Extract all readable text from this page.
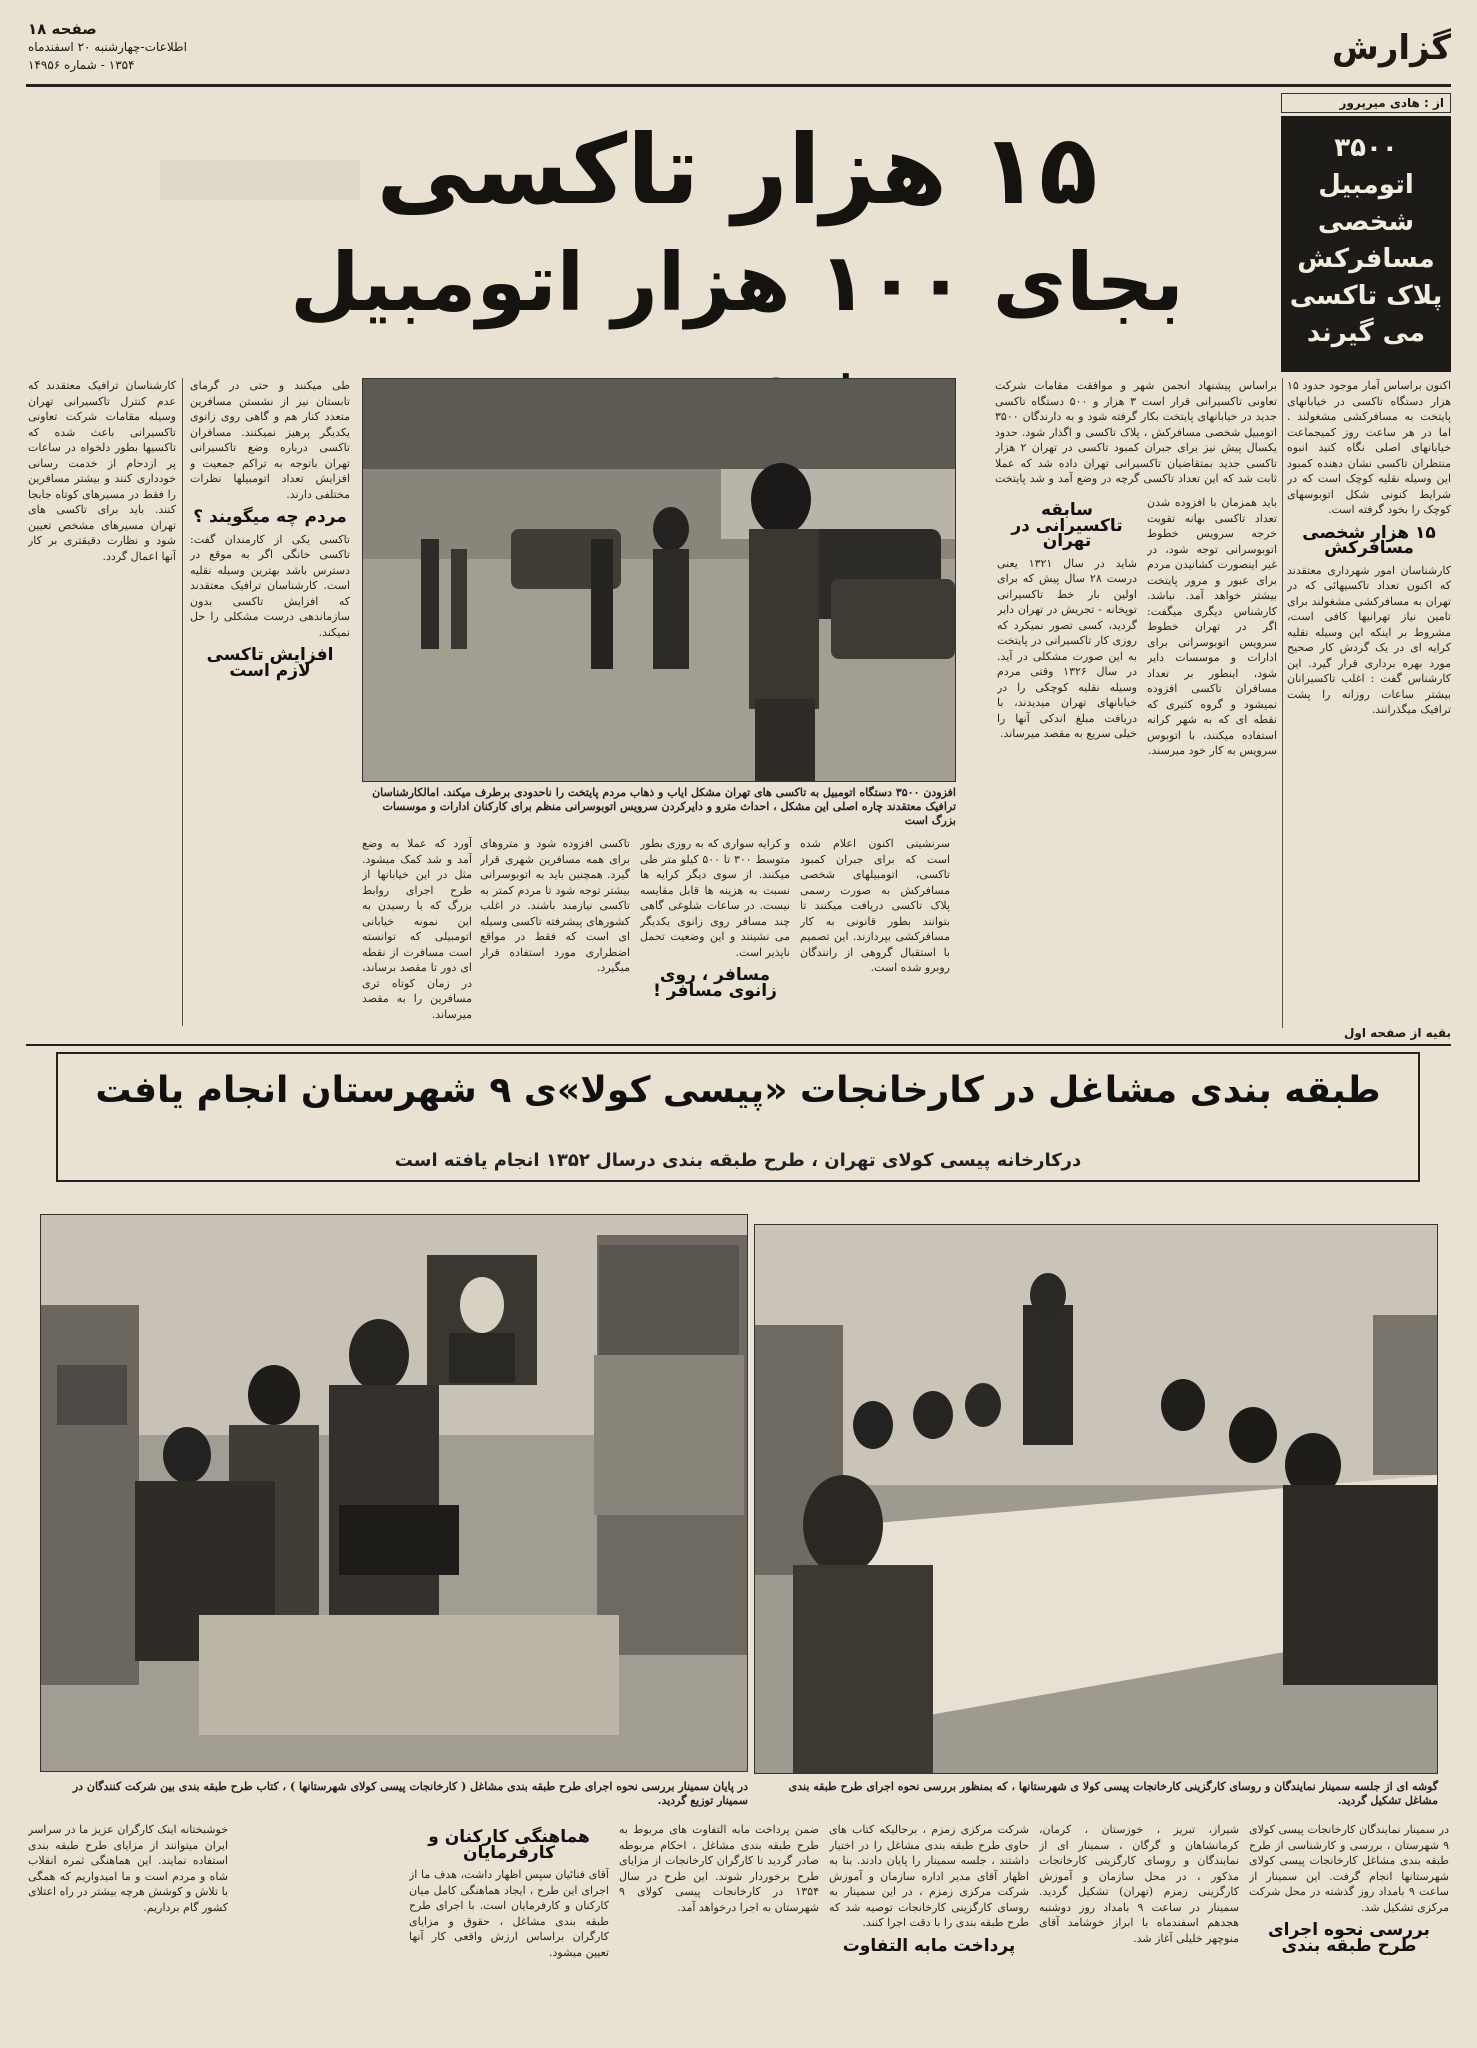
گزارش
صفحه ۱۸
اطلاعات-چهارشنبه ۲۰ اسفندماه
۱۳۵۴ - شماره ۱۴۹۵۶
از : هادی میرپرور
۳۵۰۰
اتومبیل
شخصی
مسافرکش
پلاک تاکسی
می گیرند
۱۵ هزار تاکسی
بجای ۱۰۰ هزار اتومبیل

براساس پیشنهاد انجمن شهر و موافقت مقامات شرکت تعاونی تاکسیرانی قرار است ۳ هزار و ۵۰۰ دستگاه تاکسی جدید در خیابانهای پایتخت بکار گرفته شود و به دارندگان ۳۵۰۰ اتومبیل شخصی مسافرکش ، پلاک تاکسی و اگذار شود. حدود یکسال پیش نیز برای جبران کمبود تاکسی در تهران ۲ هزار تاکسی جدید بمتقاضیان تاکسیرانی تهران داده شد که عملا ثابت شد که این تعداد تاکسی گرچه در وضع آمد و شد پایتخت

اکنون براساس آمار موجود حدود ۱۵ هزار دستگاه تاکسی در خیابانهای پایتخت به مسافرکشی مشغولند . اما در هر ساعت روز کمیجماعت خیابانهای اصلی نگاه کنید انبوه منتظران تاکسی نشان دهنده کمبود این وسیله نقلیه کوچک است که در شرایط کنونی شکل اتوبوسهای کوچک را بخود گرفته است.

۱۵ هزار شخصی مسافرکش

کارشناسان امور شهرداری معتقدند که اکنون تعداد تاکسیهائی که در تهران به مسافرکشی مشغولند برای تامین نیاز تهرانیها کافی است، مشروط بر اینکه این وسیله نقلیه کرایه ای در یک گردش کار صحیح مورد بهره برداری قرار گیرد. این کارشناس گفت : اغلب تاکسیرانان بیشتر ساعات روزانه را پشت ترافیک میگذرانند.

باید همزمان با افزوده شدن تعداد تاکسی بهانه تقویت خرجه سرویس خطوط اتوبوسرانی توجه شود، در غیر اینصورت کشانیدن مردم برای عبور و مرور پایتخت بیشتر خواهد آمد. نباشد. کارشناس دیگری میگفت: اگر در تهران خطوط سرویس اتوبوسرانی برای ادارات و موسسات دایر شود، اینطور بر تعداد مسافران تاکسی افزوده نمیشود و گروه کثیری که نقطه ای که به شهر کرانه استفاده میکنند، با اتوبوس سرویس به کار خود میرسند.

سابقه تاکسیرانی در تهران

شاید در سال ۱۳۲۱ یعنی درست ۲۸ سال پیش که برای اولین بار خط تاکسیرانی توپخانه - تجریش در تهران دایر گردید، کسی تصور نمیکرد که روزی کار تاکسیرانی در پایتخت به این صورت مشکلی در آید. در سال ۱۳۲۶ وقتی مردم وسیله نقلیه کوچکی را در خیابانهای تهران میدیدند، با دریافت مبلغ اندکی آنها را خیلی سریع به مقصد میرساند.

افزودن ۳۵۰۰ دستگاه اتومبیل به تاکسی های تهران مشکل ایاب و ذهاب مردم پایتخت را ناحدودی برطرف میکند. امالکارشناسان ترافیک معتقدند چاره اصلی این مشکل ، احداث مترو و دایرکردن سرویس اتوبوسرانی منظم برای کارکنان ادارات و موسسات بزرگ است

آورد که عملا به وضع آمد و شد کمک میشود. مثل در این خیابانها از طرح اجرای روابط بزرگ که با رسیدن به این نمونه خیابانی اتومبیلی که توانسته است مسافرت از نقطه ای دور تا مقصد برساند، در زمان کوتاه تری مسافرین را به مقصد میرساند.

تاکسی افزوده شود و متروهای برای همه مسافرین شهری قرار گیرد. همچنین باید به اتوبوسرانی بیشتر توجه شود تا مردم کمتر به تاکسی نیازمند باشند. در اغلب کشورهای پیشرفته تاکسی وسیله ای است که فقط در مواقع اضطراری مورد استفاده قرار میگیرد.

و کرایه سواری که به روزی بطور متوسط ۳۰۰ تا ۵۰۰ کیلو متر طی میکنند. از سوی دیگر کرایه ها نسبت به هزینه ها قابل مقایسه نیست. در ساعات شلوغی گاهی چند مسافر روی زانوی یکدیگر می نشینند و این وضعیت تحمل ناپذیر است.

مسافر ، روی زانوی مسافر !

سرنشینی اکنون اعلام شده است که برای جبران کمبود تاکسی، اتومبیلهای شخصی مسافرکش به صورت رسمی پلاک تاکسی دریافت میکنند تا بتوانند بطور قانونی به کار مسافرکشی بپردازند. این تصمیم با استقبال گروهی از رانندگان روبرو شده است.

طی میکنند و حتی در گرمای تابستان نیز از نشستن مسافرین متعدد کنار هم و گاهی روی زانوی یکدیگر پرهیز نمیکنند. مسافران تاکسی درباره وضع تاکسیرانی تهران باتوجه به تراکم جمعیت و افزایش تعداد اتومبیلها نظرات مختلفی دارند.

مردم چه میگویند ؟

تاکسی یکی از کارمندان گفت: تاکسی خانگی اگر به موقع در دسترس باشد بهترین وسیله نقلیه است. کارشناسان ترافیک معتقدند که افزایش تاکسی بدون سازماندهی درست مشکلی را حل نمیکند.

افزایش تاکسی لازم است

کارشناسان ترافیک معتقدند که عدم کنترل تاکسیرانی تهران وسیله مقامات شرکت تعاونی تاکسیرانی باعث شده که تاکسیها بطور دلخواه در ساعات پر ازدحام از خدمت رسانی خودداری کنند و بیشتر مسافرین را فقط در مسیرهای کوتاه جابجا کنند. باید برای تاکسی های تهران مسیرهای مشخص تعیین شود و نظارت دقیقتری بر کار آنها اعمال گردد.

بقیه از صفحه اول
طبقه بندی مشاغل در کارخانجات «پیسی کولا»ی ۹ شهرستان انجام یافت
درکارخانه پیسی کولای تهران ، طرح طبقه بندی درسال ۱۳۵۲ انجام یافته است
در پایان سمینار بررسی نحوه اجرای طرح طبقه بندی مشاغل ( کارخانجات پیسی کولای شهرستانها ) ، کتاب طرح طبقه بندی بین شرکت کنندگان در سمینار توزیع گردید.
گوشه ای از جلسه سمینار نمایندگان و روسای کارگزینی کارخانجات پیسی کولا ی شهرستانها ، که بمنظور بررسی نحوه اجرای طرح طبقه بندی مشاغل تشکیل گردید.

در سمینار نمایندگان کارخانجات پیسی کولای ۹ شهرستان ، بررسی و کارشناسی از طرح طبقه بندی مشاغل کارخانجات پیسی کولای شهرستانها انجام گرفت. این سمینار از ساعت ۹ بامداد روز گذشته در محل شرکت مرکزی تشکیل شد.

بررسی نحوه اجرای طرح طبقه بندی

شیراز، تبریز ، خوزستان ، کرمان، کرمانشاهان و گرگان ، سمینار ای از نمایندگان و روسای کارگزینی کارخانجات مذکور ، در محل سازمان و آموزش کارگزینی زمزم (تهران) تشکیل گردید. سمینار در ساعت ۹ بامداد روز دوشنبه هجدهم اسفندماه با ابراز خوشامد آقای منوچهر خلیلی آغاز شد.

شرکت مرکزی زمزم ، برحالیکه کتاب های حاوی طرح طبقه بندی مشاغل را در اختیار داشتند ، جلسه سمینار را پایان دادند. بنا به اظهار آقای مدیر اداره سازمان و آموزش شرکت مرکزی زمزم ، در این سمینار به روسای کارگزینی کارخانجات توصیه شد که طرح طبقه بندی را با دقت اجرا کنند.

پرداخت مابه التفاوت

ضمن پرداخت مابه التفاوت های مربوط به طرح طبقه بندی مشاغل ، احکام مربوطه صادر گردید تا کارگران کارخانجات از مزایای طرح برخوردار شوند. این طرح در سال ۱۳۵۴ در کارخانجات پیسی کولای ۹ شهرستان به اجرا درخواهد آمد.

هماهنگی کارکنان و کارفرمایان

آقای فنائیان سپس اظهار داشت، هدف ما از اجرای این طرح ، ایجاد هماهنگی کامل میان کارکنان و کارفرمایان است. با اجرای طرح طبقه بندی مشاغل ، حقوق و مزایای کارگران براساس ارزش واقعی کار آنها تعیین میشود.

خوشبختانه اینک کارگران عزیز ما در سراسر ایران میتوانند از مزایای طرح طبقه بندی استفاده نمایند. این هماهنگی ثمره انقلاب شاه و مردم است و ما امیدواریم که همگی با تلاش و کوشش هرچه بیشتر در راه اعتلای کشور گام برداریم.
